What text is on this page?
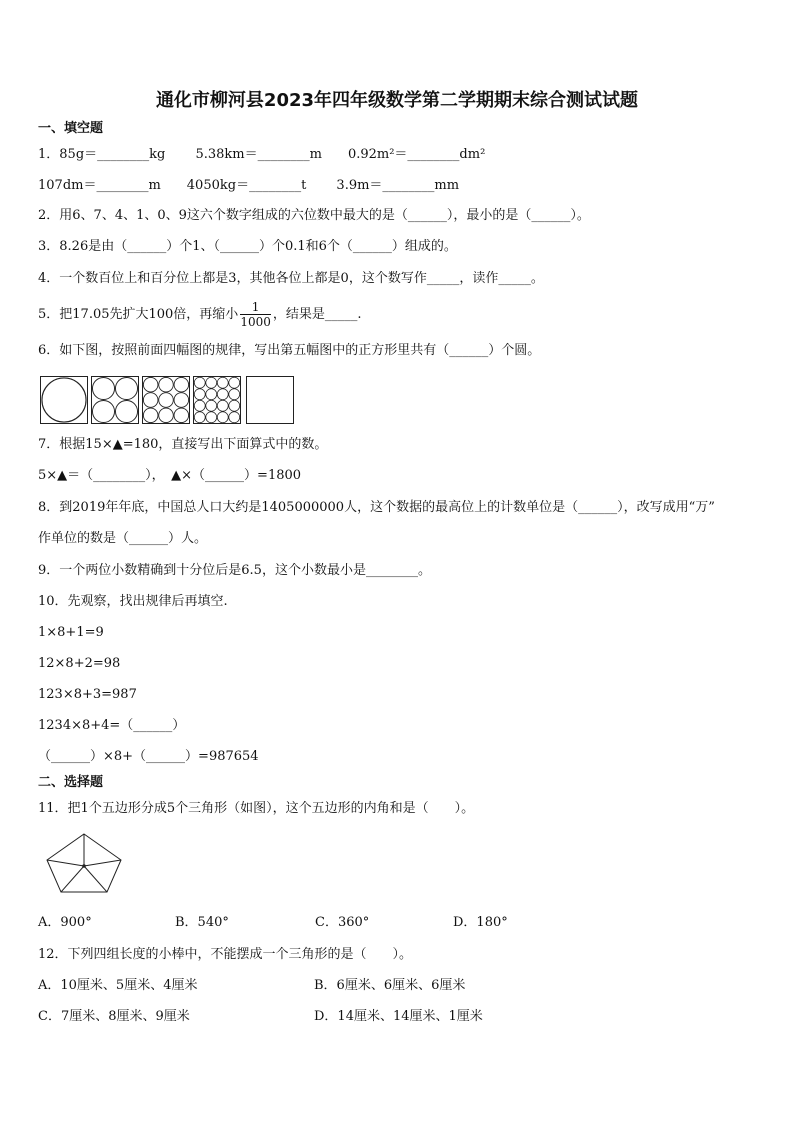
通化市柳河县2023年四年级数学第二学期期末综合测试试题
一、填空题
1．85g＝________kg　　 5.38km＝________m　　0.92m²＝________dm²
107dm＝________m　　4050kg＝________t　　 3.9m＝________mm
2．用6、7、4、1、0、9这六个数字组成的六位数中最大的是（______），最小的是（______）。
3．8.26是由（______）个1、（______）个0.1和6个（______）组成的。
4．一个数百位上和百分位上都是3，其他各位上都是0，这个数写作_____，读作_____。
5．把17.05先扩大100倍，再缩小 $\frac{1}{1000}$ ，结果是_____.
6．如下图，按照前面四幅图的规律，写出第五幅图中的正方形里共有（______）个圆。
7．根据15×▲=180，直接写出下面算式中的数。
5×▲＝（________），　▲×（______）=1800
8．到2019年年底，中国总人口大约是1405000000人，这个数据的最高位上的计数单位是（______），改写成用“万”
作单位的数是（______）人。
9．一个两位小数精确到十分位后是6.5，这个小数最小是________。
10．先观察，找出规律后再填空.
1×8+1=9
12×8+2=98
123×8+3=987
1234×8+4=（______）
（______）×8+（______）=987654
二、选择题
11．把1个五边形分成5个三角形（如图），这个五边形的内角和是（　　）。
A．900°	B．540°	C．360°	D．180°
12．下列四组长度的小棒中，不能摆成一个三角形的是（　　）。
A．10厘米、5厘米、4厘米	B．6厘米、6厘米、6厘米
C．7厘米、8厘米、9厘米	D．14厘米、14厘米、1厘米
